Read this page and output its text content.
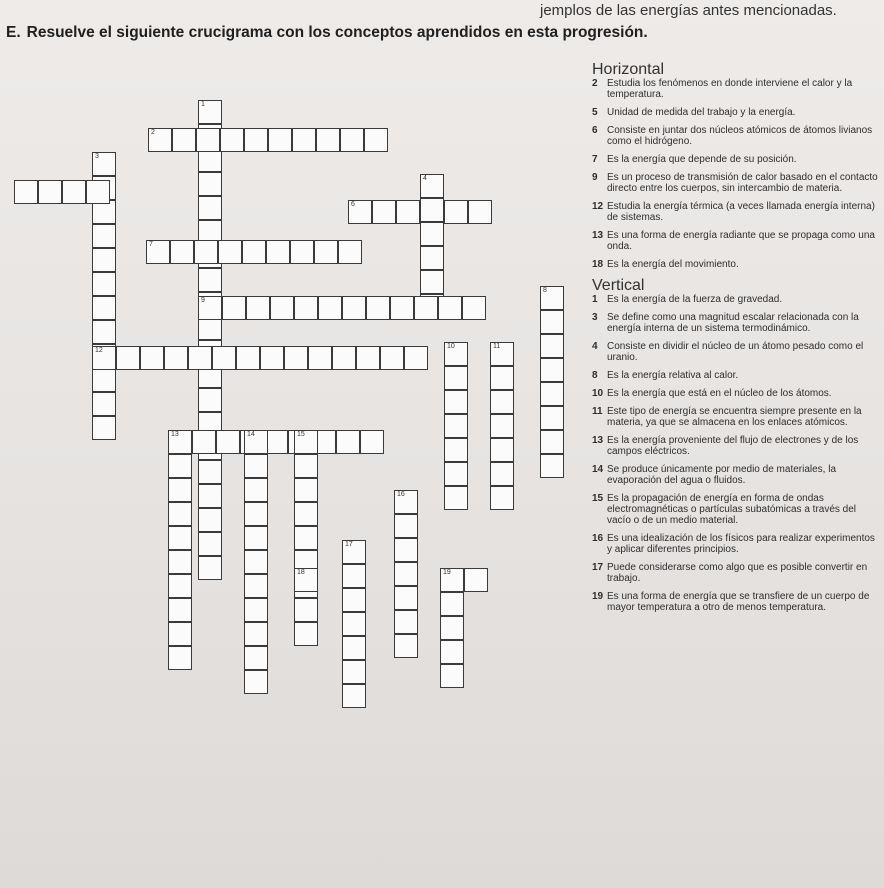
jemplos de las energías antes mencionadas.
E. Resuelve el siguiente crucigrama con los conceptos aprendidos en esta progresión.
1
2
3
4
6
7
9
8
10	11
12
13	14	15
16
17
18	19
Horizontal
2 Estudia los fenómenos en donde interviene el calor y la temperatura.
5 Unidad de medida del trabajo y la energía.
6 Consiste en juntar dos núcleos atómicos de átomos livianos como el hidrógeno.
7 Es la energía que depende de su posición.
9 Es un proceso de transmisión de calor basado en el contacto directo entre los cuerpos, sin intercambio de materia.
12 Estudia la energía térmica (a veces llamada energía interna) de sistemas.
13 Es una forma de energía radiante que se propaga como una onda.
18 Es la energía del movimiento.
Vertical
1 Es la energía de la fuerza de gravedad.
3 Se define como una magnitud escalar relacionada con la energía interna de un sistema termodinámico.
4 Consiste en dividir el núcleo de un átomo pesado como el uranio.
8 Es la energía relativa al calor.
10 Es la energía que está en el núcleo de los átomos.
11 Este tipo de energía se encuentra siempre presente en la materia, ya que se almacena en los enlaces atómicos.
13 Es la energía proveniente del flujo de electrones y de los campos eléctricos.
14 Se produce únicamente por medio de materiales, la evaporación del agua o fluidos.
15 Es la propagación de energía en forma de ondas electromagnéticas o partículas subatómicas a través del vacío o de un medio material.
16 Es una idealización de los físicos para realizar experimentos y aplicar diferentes principios.
17 Puede considerarse como algo que es posible convertir en trabajo.
19 Es una forma de energía que se transfiere de un cuerpo de mayor temperatura a otro de menos temperatura.
